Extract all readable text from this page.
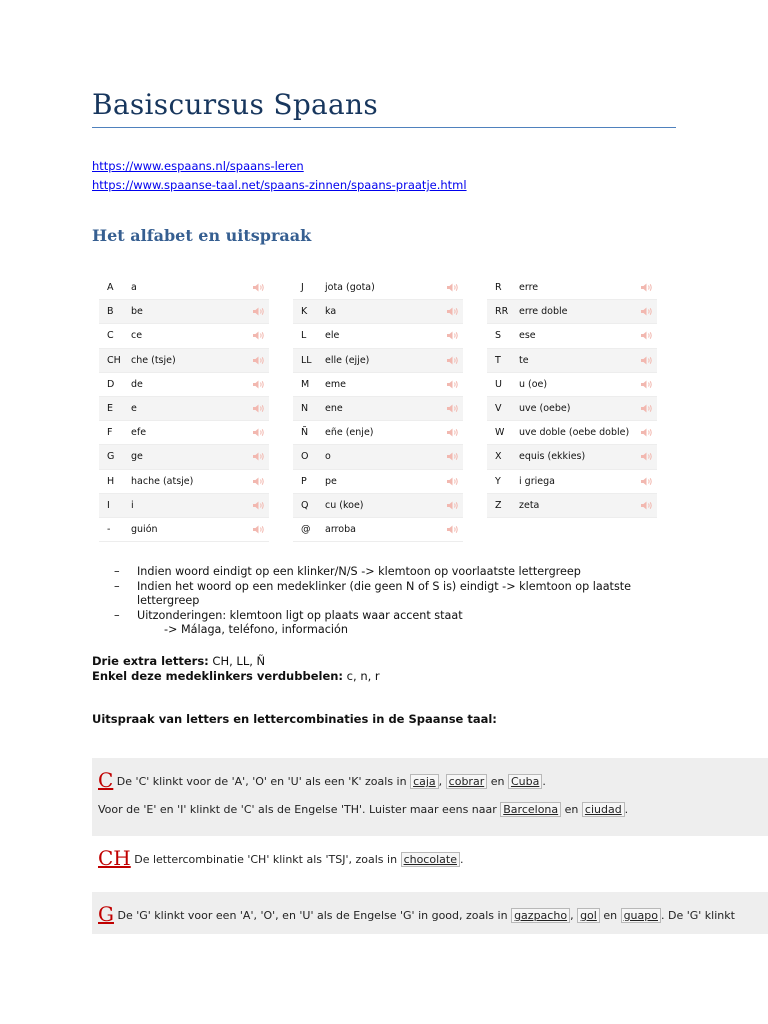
Basiscursus Spaans
https://www.espaans.nl/spaans-leren
https://www.spaanse-taal.net/spaans-zinnen/spaans-praatje.html
Het alfabet en uitspraak
A	a
B	be
C	ce
CH	che (tsje)
D	de
E	e
F	efe
G	ge
H	hache (atsje)
I	i
-	guión
J	jota (gota)
K	ka
L	ele
LL	elle (ejje)
M	eme
N	ene
Ñ	eñe (enje)
O	o
P	pe
Q	cu (koe)
@	arroba
R	erre
RR	erre doble
S	ese
T	te
U	u (oe)
V	uve (oebe)
W	uve doble (oebe doble)
X	equis (ekkies)
Y	i griega
Z	zeta
– Indien woord eindigt op een klinker/N/S -> klemtoon op voorlaatste lettergreep
– Indien het woord op een medeklinker (die geen N of S is) eindigt -> klemtoon op laatste
lettergreep
– Uitzonderingen: klemtoon ligt op plaats waar accent staat
-> Málaga, teléfono, información
Drie extra letters: CH, LL, Ñ
Enkel deze medeklinkers verdubbelen: c, n, r
Uitspraak van letters en lettercombinaties in de Spaanse taal:
C De 'C' klinkt voor de 'A', 'O' en 'U' als een 'K' zoals in caja , cobrar en Cuba .
Voor de 'E' en 'I' klinkt de 'C' als de Engelse 'TH'. Luister maar eens naar Barcelona en ciudad .
CH De lettercombinatie 'CH' klinkt als 'TSJ', zoals in chocolate .
G De 'G' klinkt voor een 'A', 'O', en 'U' als de Engelse 'G' in good, zoals in gazpacho , gol en guapo . De 'G' klinkt
